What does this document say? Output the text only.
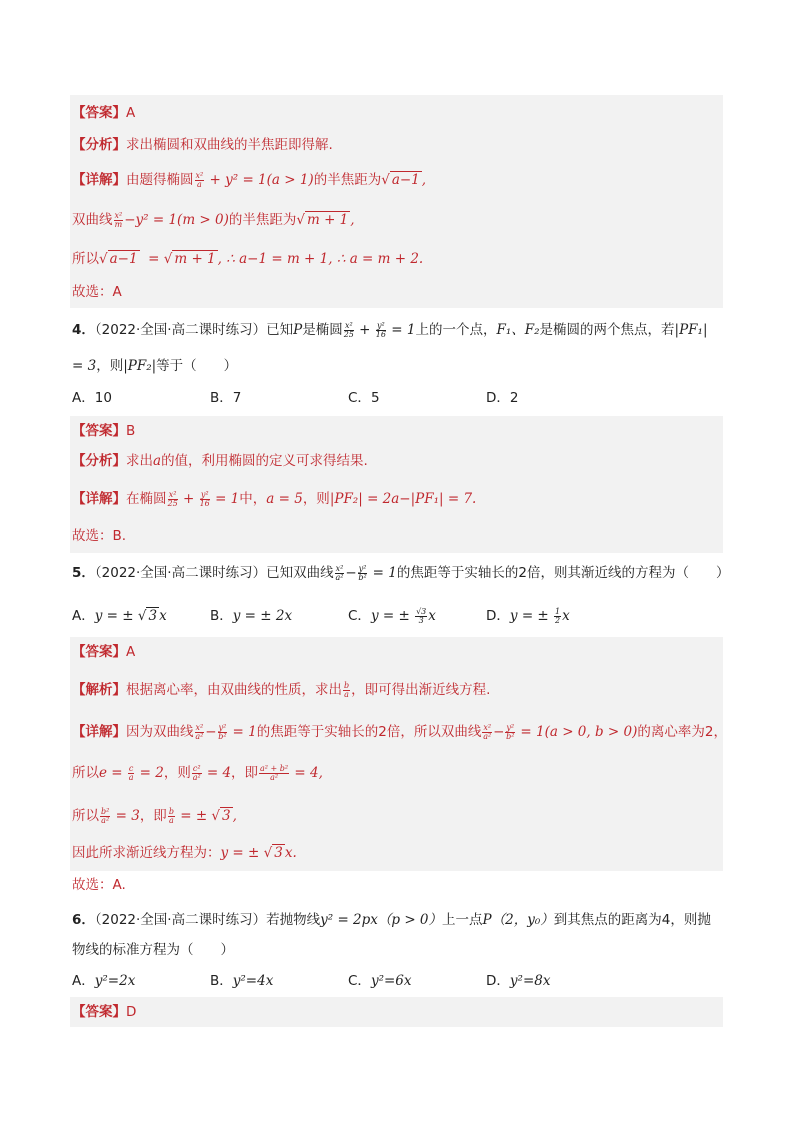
【答案】A
【分析】求出椭圆和双曲线的半焦距即得解.
【详解】由题得椭圆 $\frac{\text{x²}}{a} + y^2 = 1(a > 1)$的半焦距为√ a−1 ,
双曲线 $\frac{\text{x²}}{m} -y^2 = 1(m > 0)$的半焦距为√ m + 1 ,
所以√ a−1  = √ m + 1 , ∴ a−1 = m + 1, ∴ a = m + 2.
故选：A
4．（2022·全国·高二课时练习）已知P是椭圆 $\frac{\text{x²}}{25} + \frac{\text{y²}}{16} = 1$上的一个点，F₁、F₂是椭圆的两个焦点，若|PF₁|
= 3，则|PF₂|等于（　　）
A．10	B．7	C．5	D．2
【答案】B
【分析】求出a的值，利用椭圆的定义可求得结果.
【详解】在椭圆 $\frac{\text{x²}}{25} + \frac{\text{y²}}{16} = 1$中，a = 5，则|PF₂| = 2a−|PF₁| = 7.
故选：B.
5．（2022·全国·高二课时练习）已知双曲线 $\frac{\text{x²}}{\text{a²}} - \frac{\text{y²}}{\text{b²}} = 1$的焦距等于实轴长的2倍，则其渐近线的方程为（　　）
A．y = ± √ 3 x	B．y = ± 2x	C．y = ± $\frac{√3}{3}$ x	D．y = ± $\frac{1}{2}$ x
【答案】A
【解析】根据离心率，由双曲线的性质，求出 $\frac{b}{a}$ ，即可得出渐近线方程.
【详解】因为双曲线 $\frac{\text{x²}}{\text{a²}} - \frac{\text{y²}}{\text{b²}} = 1$的焦距等于实轴长的2倍，所以双曲线 $\frac{\text{x²}}{\text{a²}} - \frac{\text{y²}}{\text{b²}} = 1(a > 0$, b > 0)的离心率为2，
所以$e = \frac{c}{a} = 2$，则 $\frac{\text{c²}}{\text{a²}} = 4$，即 $\frac{\text{a² + b²}}{\text{a²}} = 4$,
所以 $\frac{\text{b²}}{\text{a²}} = 3$，即 $\frac{b}{a}$ = ± √ 3 ,
因此所求渐近线方程为：y = ± √ 3 x.
故选：A.
6．（2022·全国·高二课时练习）若抛物线y² = 2px（p > 0）上一点P（2，y₀）到其焦点的距离为4，则抛
物线的标准方程为（　　）
A．y²=2x	B．y²=4x	C．y²=6x	D．y²=8x
【答案】D
